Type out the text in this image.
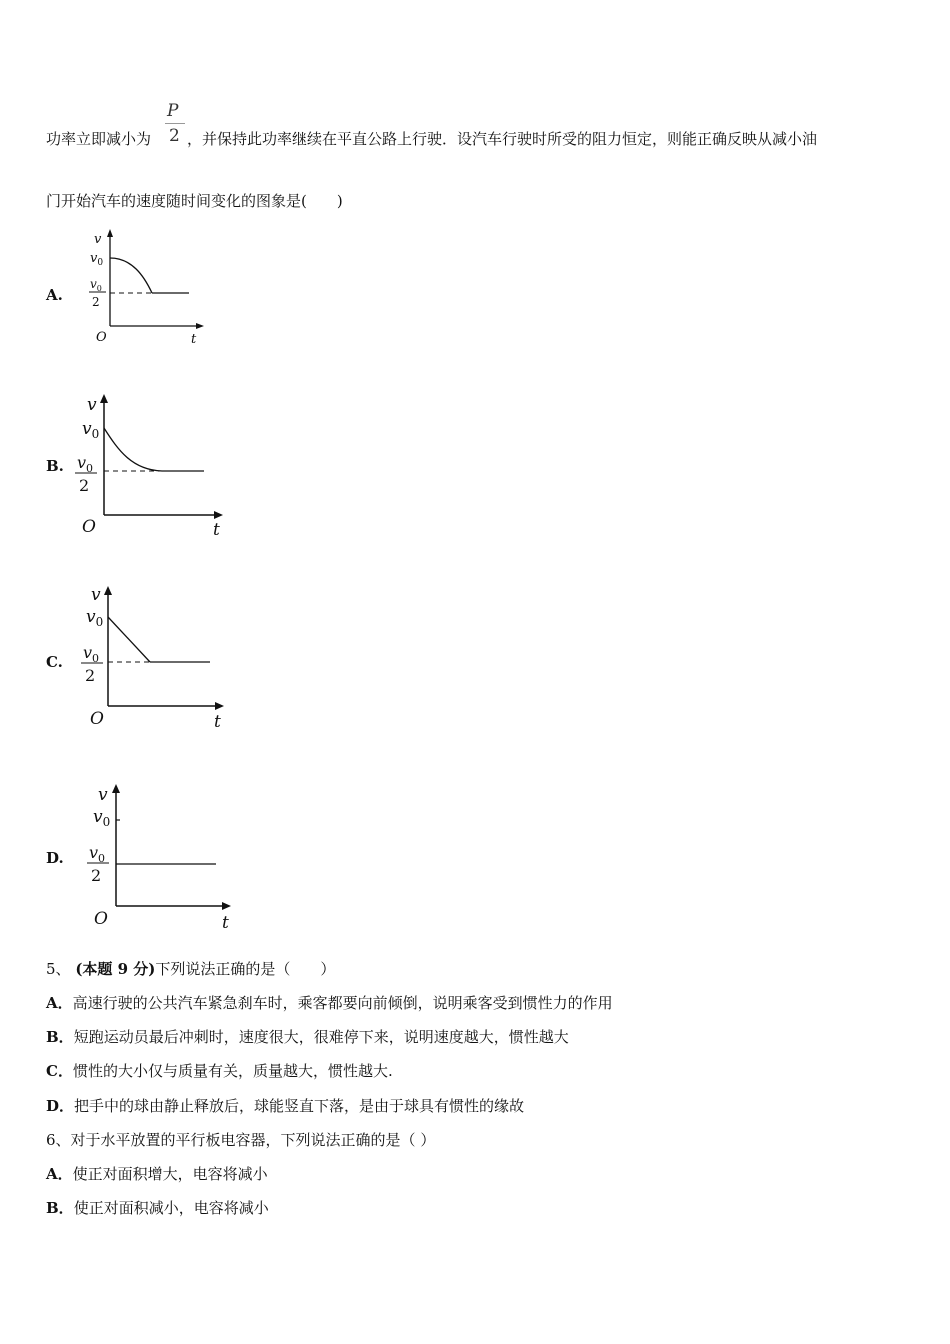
功率立即减小为
P
2 ，并保持此功率继续在平直公路上行驶．设汽车行驶时所受的阻力恒定，则能正确反映从减小油
门开始汽车的速度随时间变化的图象是(　　)
A.
v
$v_0$
$v_0$
2
O	t
B.
v
$v_0$
$v_0$
2
O	t
C.
v
$v_0$
$v_0$
2
O	t
D.
v
$v_0$
$v_0$
2
O	t
5、 (本题 9 分)下列说法正确的是（　　）
A．高速行驶的公共汽车紧急刹车时，乘客都要向前倾倒，说明乘客受到惯性力的作用
B．短跑运动员最后冲刺时，速度很大，很难停下来，说明速度越大，惯性越大
C．惯性的大小仅与质量有关，质量越大，惯性越大.
D．把手中的球由静止释放后，球能竖直下落，是由于球具有惯性的缘故
6、对于水平放置的平行板电容器，下列说法正确的是（ ）
A．使正对面积增大，电容将减小
B．使正对面积减小，电容将减小
